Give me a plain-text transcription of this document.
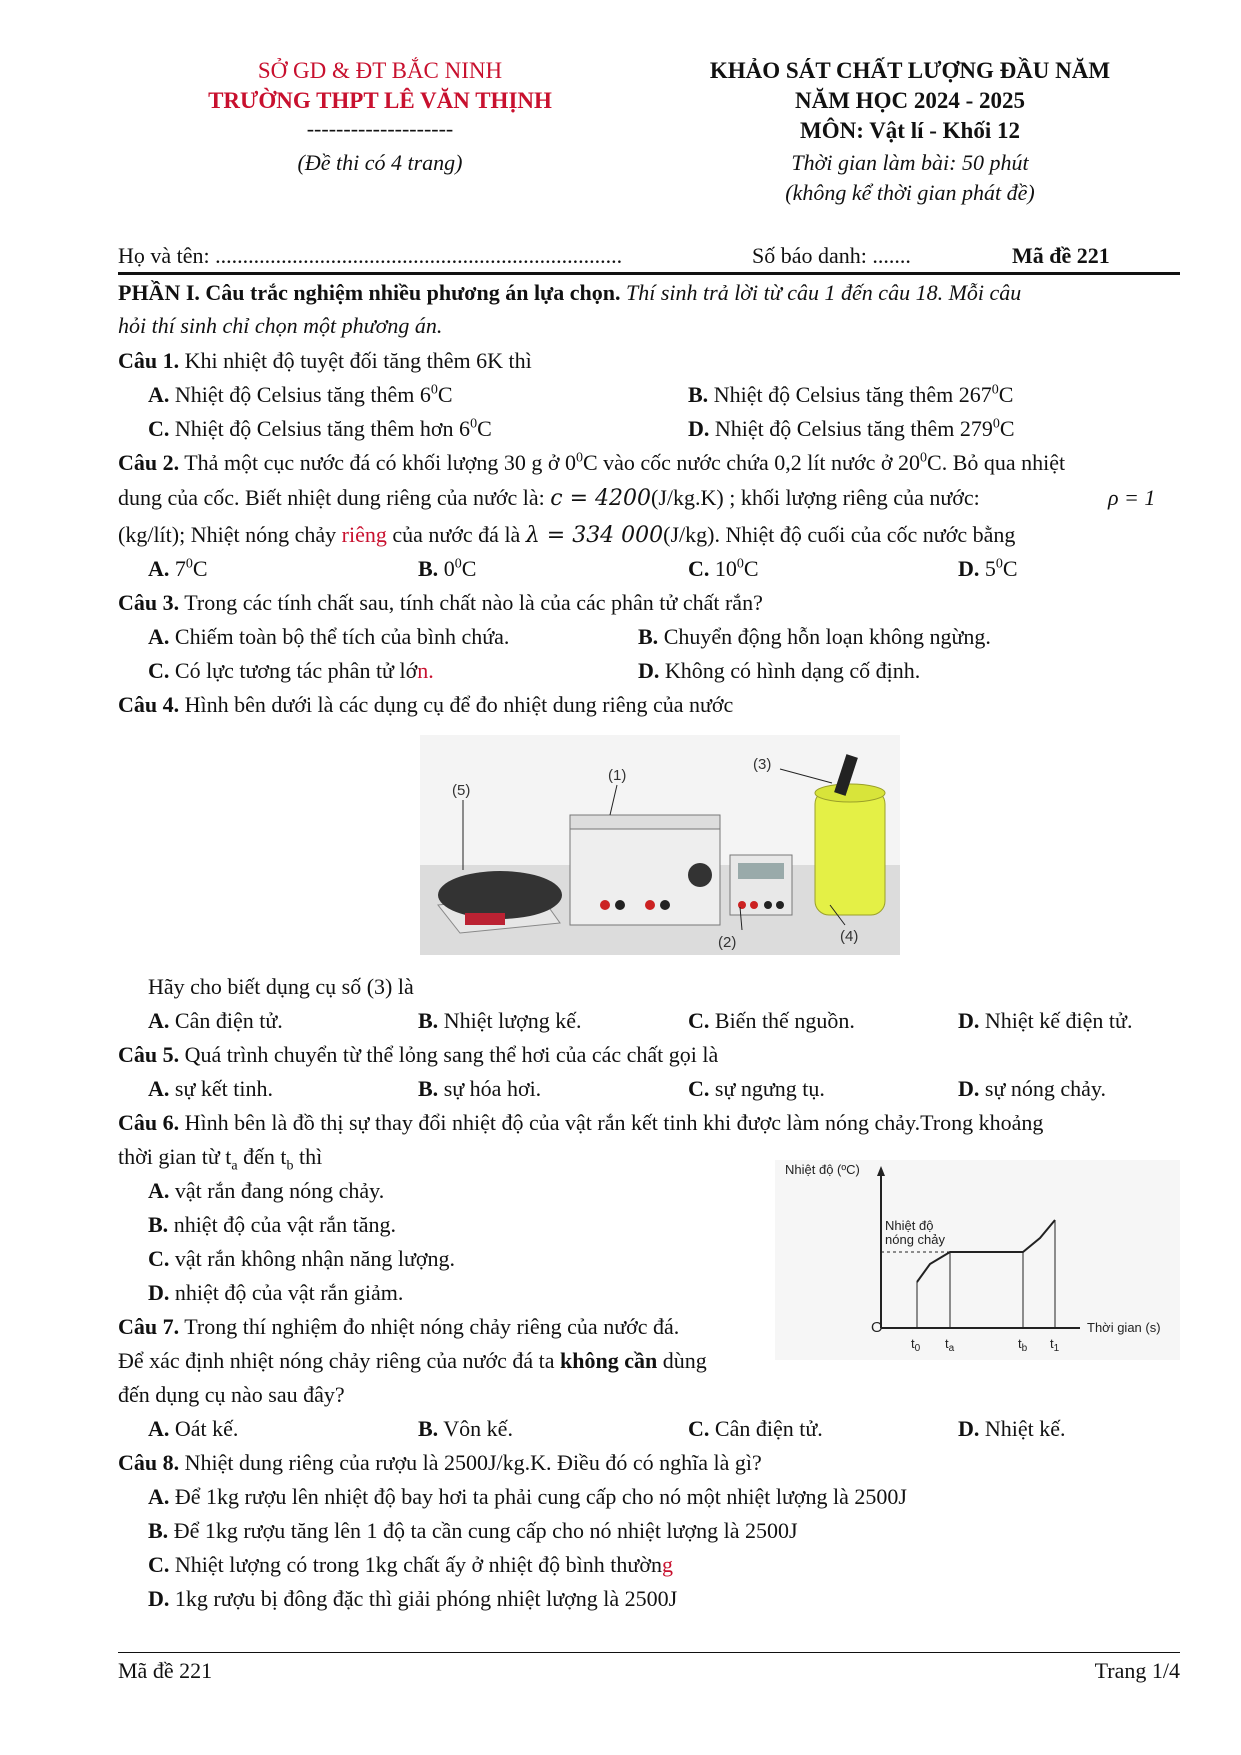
SỞ GD & ĐT BẮC NINH
TRƯỜNG THPT LÊ VĂN THỊNH
--------------------
(Đề thi có 4 trang)
KHẢO SÁT CHẤT LƯỢNG ĐẦU NĂM
NĂM HỌC 2024 - 2025
MÔN: Vật lí - Khối 12
Thời gian làm bài: 50 phút
(không kể thời gian phát đề)
Họ và tên: ..........................................................................	Số báo danh: .......	Mã đề 221
PHẦN I. Câu trắc nghiệm nhiều phương án lựa chọn. Thí sinh trả lời từ câu 1 đến câu 18. Mỗi câu
hỏi thí sinh chỉ chọn một phương án.
Câu 1. Khi nhiệt độ tuyệt đối tăng thêm 6K thì
A. Nhiệt độ Celsius tăng thêm $6^0C$	B. Nhiệt độ Celsius tăng thêm $267^0C$
C. Nhiệt độ Celsius tăng thêm hơn $6^0C$	D. Nhiệt độ Celsius tăng thêm $279^0C$
Câu 2. Thả một cục nước đá có khối lượng 30 g ở $0^0C$ vào cốc nước chứa 0,2 lít nước ở $20^0C$. Bỏ qua nhiệt
dung của cốc. Biết nhiệt dung riêng của nước là: c = 4200(J/kg.K) ; khối lượng riêng của nước:	ρ = 1
(kg/lít); Nhiệt nóng chảy riêng của nước đá là λ = 334 000(J/kg). Nhiệt độ cuối của cốc nước bằng
A. $7^0C$	B. $0^0C$	C. $10^0C$	D. $5^0C$
Câu 3. Trong các tính chất sau, tính chất nào là của các phân tử chất rắn?
A. Chiếm toàn bộ thể tích của bình chứa.	B. Chuyển động hỗn loạn không ngừng.
C. Có lực tương tác phân tử lớn.	D. Không có hình dạng cố định.
Câu 4. Hình bên dưới là các dụng cụ để đo nhiệt dung riêng của nước
(5)
(1)
(3)
(2)	(4)
Hãy cho biết dụng cụ số (3) là
A. Cân điện tử.	B. Nhiệt lượng kế.	C. Biến thế nguồn.	D. Nhiệt kế điện tử.
Câu 5. Quá trình chuyển từ thể lỏng sang thể hơi của các chất gọi là
A. sự kết tinh.	B. sự hóa hơi.	C. sự ngưng tụ.	D. sự nóng chảy.
Câu 6. Hình bên là đồ thị sự thay đổi nhiệt độ của vật rắn kết tinh khi được làm nóng chảy.Trong khoảng
thời gian từ $t_a$ đến $t_b$ thì
A. vật rắn đang nóng chảy.
B. nhiệt độ của vật rắn tăng.
C. vật rắn không nhận năng lượng.
D. nhiệt độ của vật rắn giảm.
Nhiệt độ (ºC)
Thời gian (s)
O
Nhiệt độ
nóng chảy
$t_0$ $t_a$	$t_b$ $t_1$
Câu 7. Trong thí nghiệm đo nhiệt nóng chảy riêng của nước đá.
Để xác định nhiệt nóng chảy riêng của nước đá ta không cần dùng
đến dụng cụ nào sau đây?
A. Oát kế.	B. Vôn kế.	C. Cân điện tử.	D. Nhiệt kế.
Câu 8. Nhiệt dung riêng của rượu là 2500J/kg.K. Điều đó có nghĩa là gì?
A. Để 1kg rượu lên nhiệt độ bay hơi ta phải cung cấp cho nó một nhiệt lượng là 2500J
B. Để 1kg rượu tăng lên 1 độ ta cần cung cấp cho nó nhiệt lượng là 2500J
C. Nhiệt lượng có trong 1kg chất ấy ở nhiệt độ bình thường
D. 1kg rượu bị đông đặc thì giải phóng nhiệt lượng là 2500J
Mã đề 221	Trang 1/4
